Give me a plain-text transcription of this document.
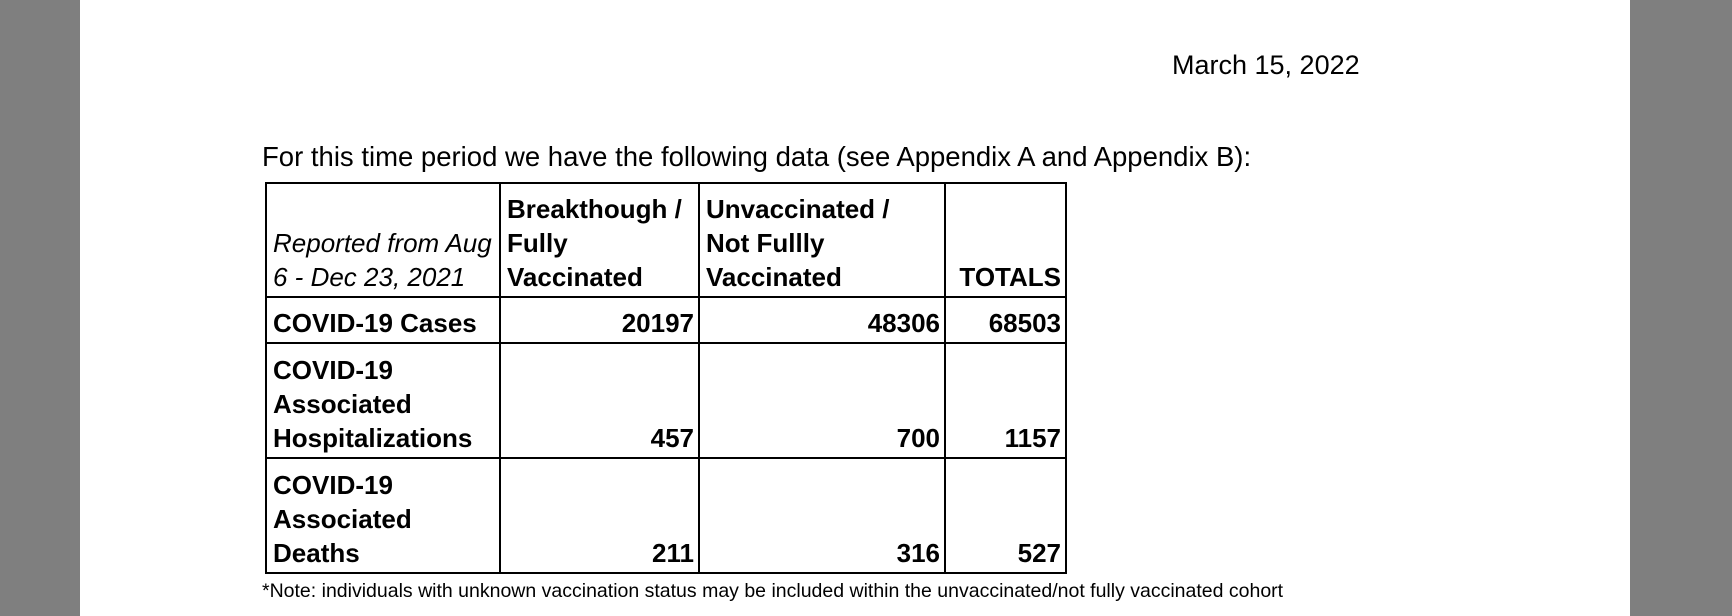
March 15, 2022
For this time period we have the following data (see Appendix A and Appendix B):
Reported from Aug 6 - Dec 23, 2021	Breakthough / Fully Vaccinated	Unvaccinated / Not Fullly Vaccinated	TOTALS
COVID-19 Cases	20197	48306	68503
COVID-19 Associated Hospitalizations	457	700	1157
COVID-19 Associated Deaths	211	316	527
*Note: individuals with unknown vaccination status may be included within the unvaccinated/not fully vaccinated cohort
